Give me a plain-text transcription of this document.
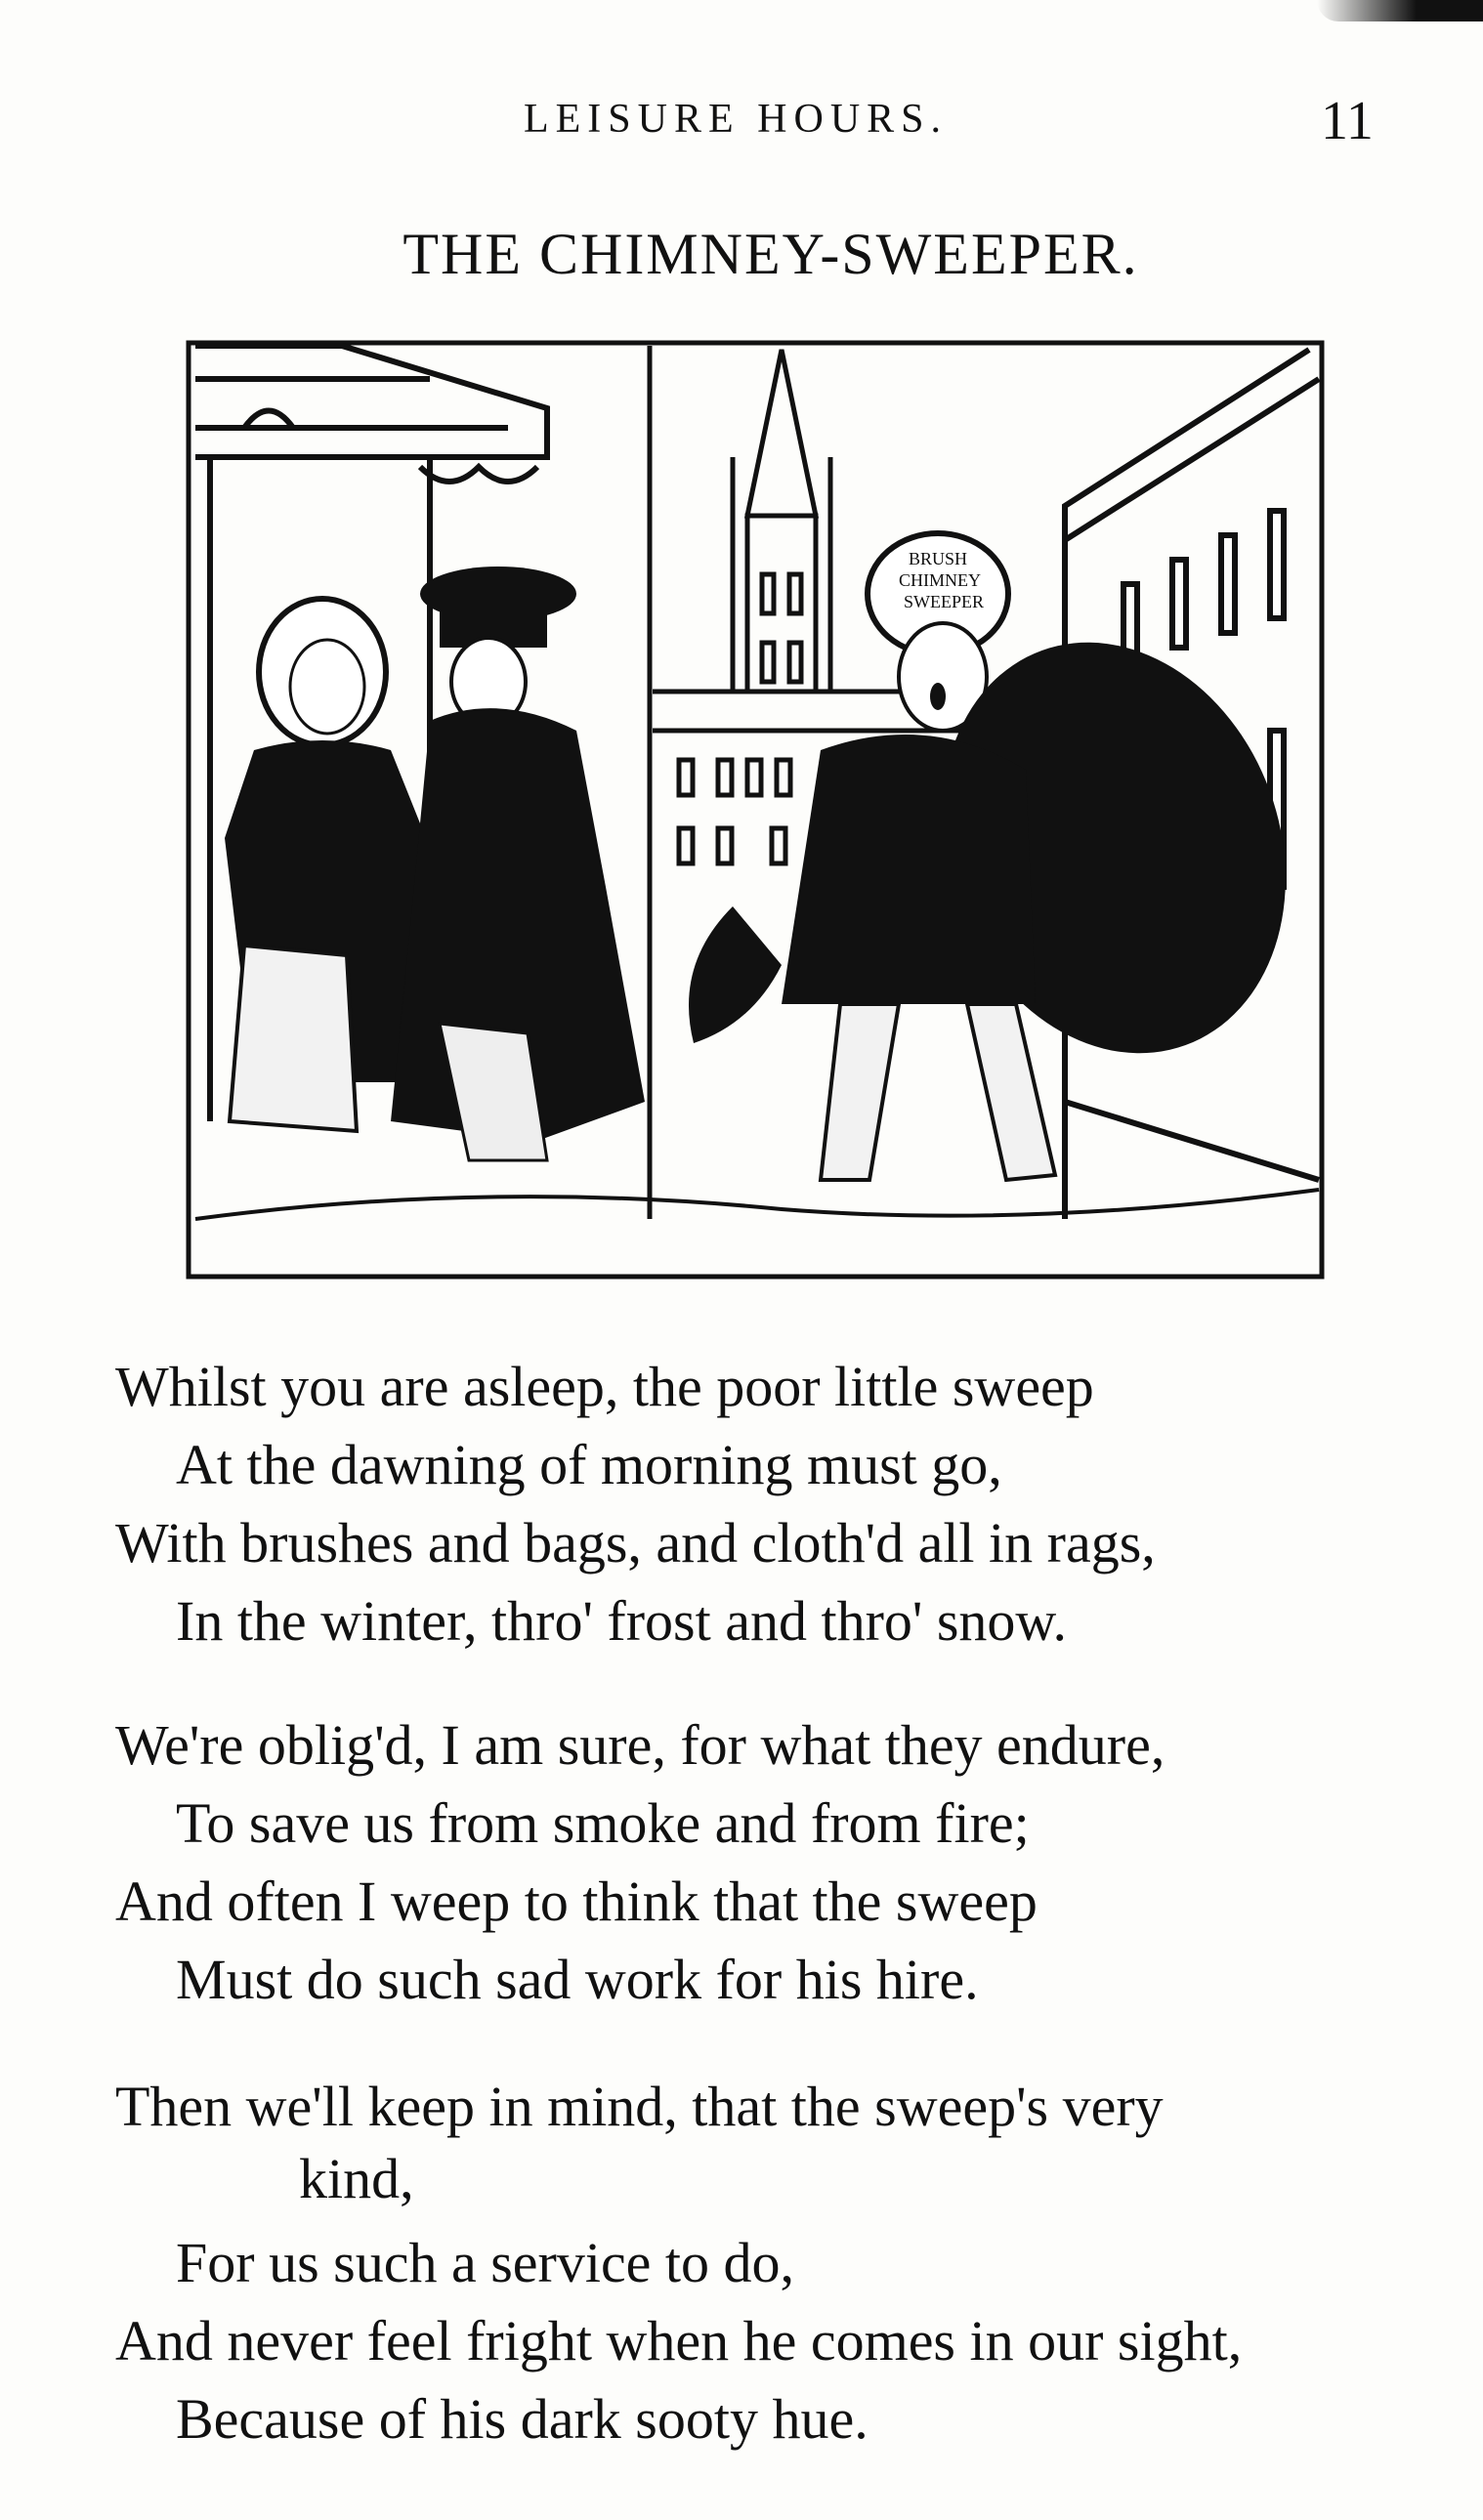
LEISURE HOURS.	11
THE CHIMNEY-SWEEPER.
BRUSH
CHIMNEY
SWEEPER
Whilst you are asleep, the poor little sweep
At the dawning of morning must go,
With brushes and bags, and cloth'd all in rags,
In the winter, thro' frost and thro' snow.
We're oblig'd, I am sure, for what they endure,
To save us from smoke and from fire;
And often I weep to think that the sweep
Must do such sad work for his hire.
Then we'll keep in mind, that the sweep's very
kind,
For us such a service to do,
And never feel fright when he comes in our sight,
Because of his dark sooty hue.
